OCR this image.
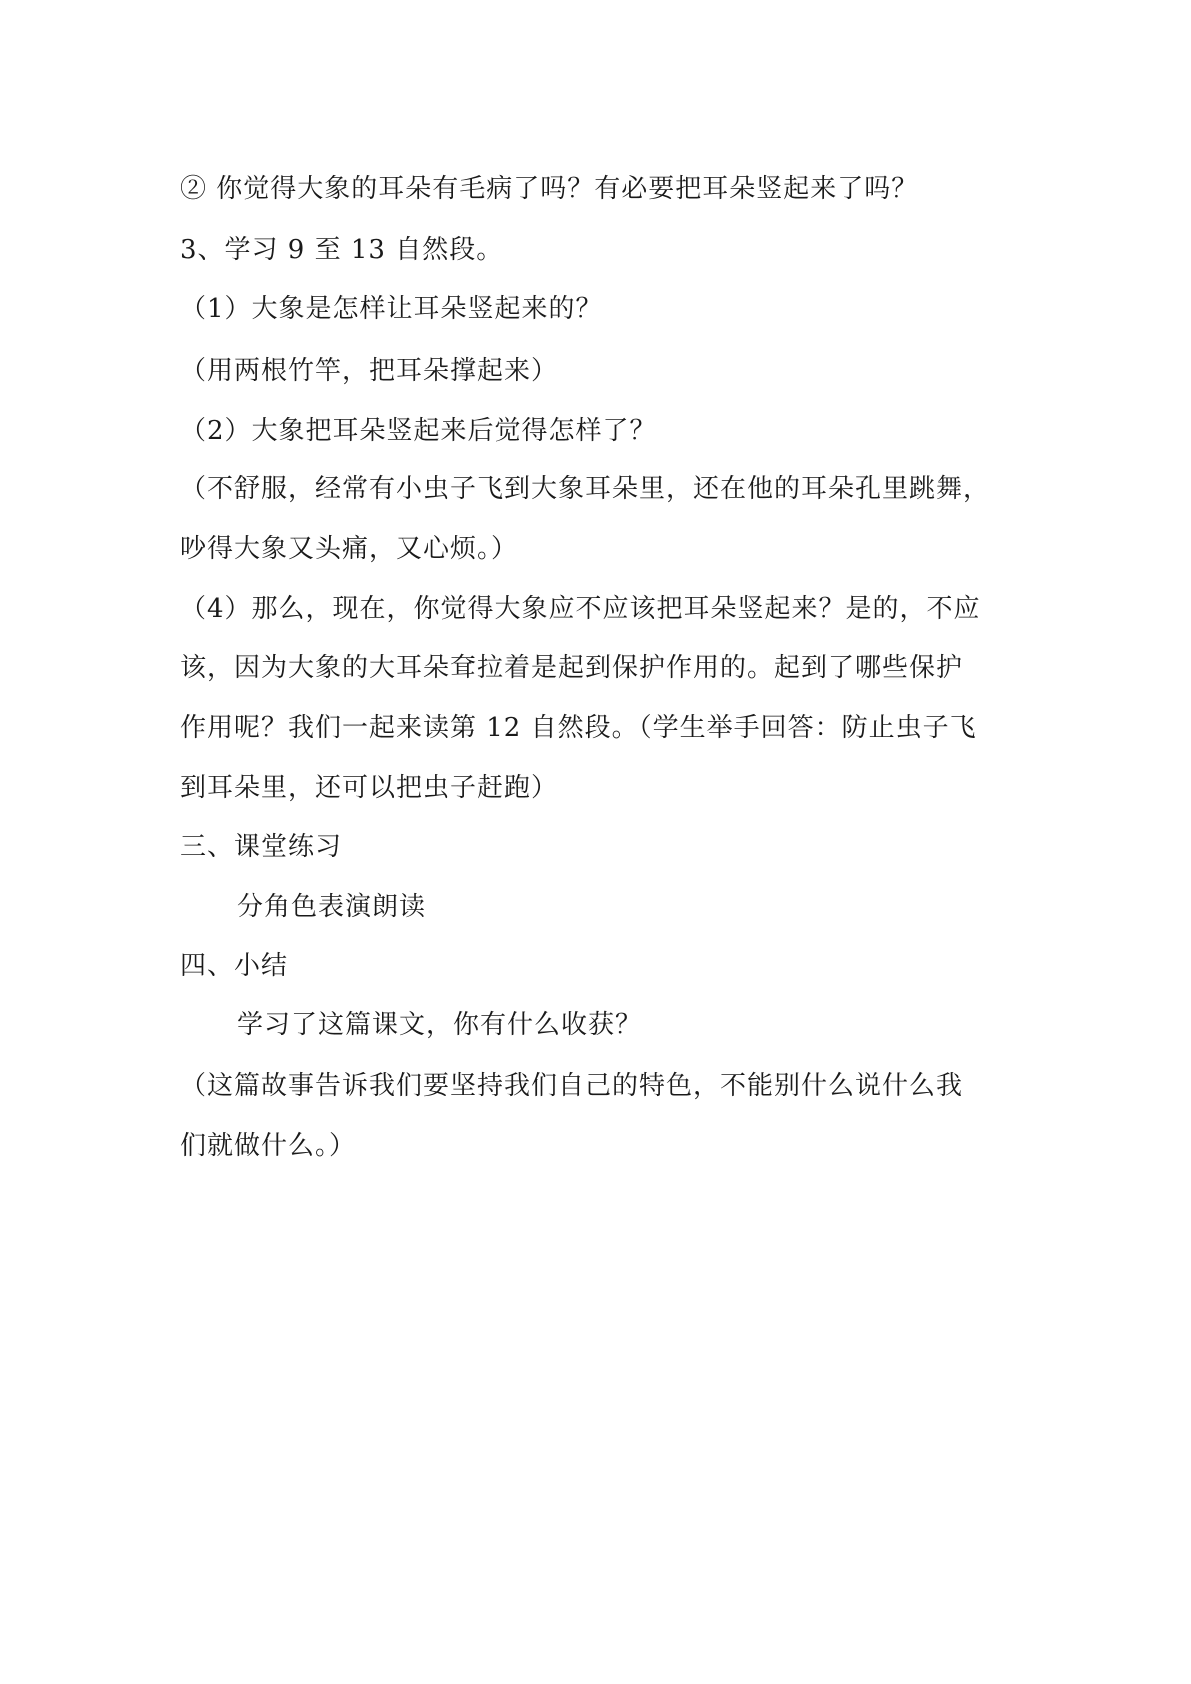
② 你觉得大象的耳朵有毛病了吗？有必要把耳朵竖起来了吗？
3、学习 9 至 13 自然段。
（1）大象是怎样让耳朵竖起来的？
（用两根竹竿，把耳朵撑起来）
（2）大象把耳朵竖起来后觉得怎样了？
（不舒服，经常有小虫子飞到大象耳朵里，还在他的耳朵孔里跳舞，
吵得大象又头痛，又心烦。）
（4）那么，现在，你觉得大象应不应该把耳朵竖起来？是的，不应
该，因为大象的大耳朵耷拉着是起到保护作用的。起到了哪些保护
作用呢？我们一起来读第 12 自然段。（学生举手回答：防止虫子飞
到耳朵里，还可以把虫子赶跑）
三、课堂练习
分角色表演朗读
四、小结
学习了这篇课文，你有什么收获？
（这篇故事告诉我们要坚持我们自己的特色，不能别什么说什么我
们就做什么。）
